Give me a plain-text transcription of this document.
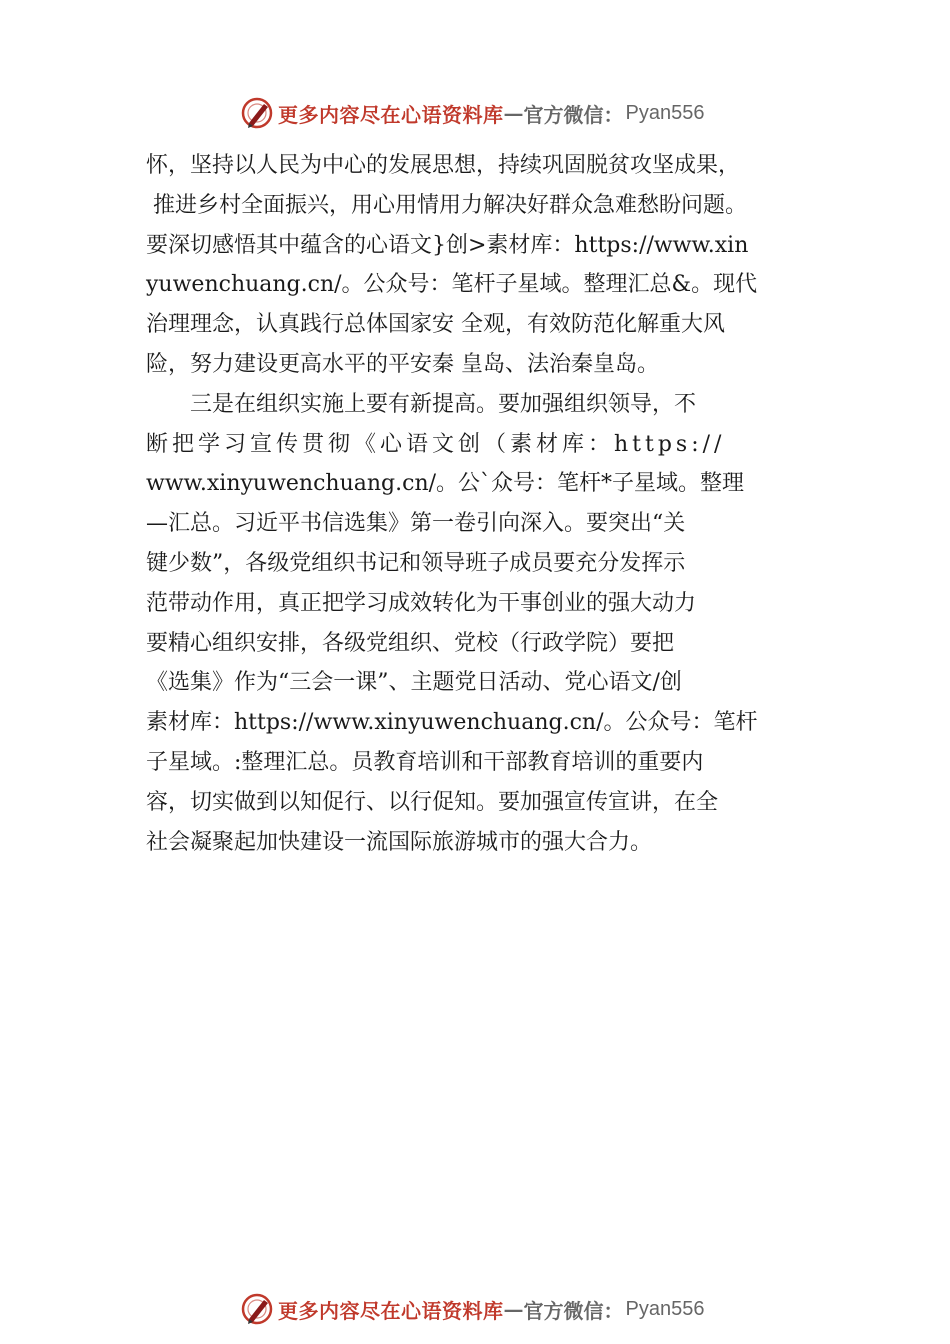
更多内容尽在心语资料库 — 官方微信： Pyan556
怀，坚持以人民为中心的发展思想，持续巩固脱贫攻坚成果，
推进乡村全面振兴，用心用情用力解决好群众急难愁盼问题。
要深切感悟其中蕴含的心语文}创>素材库：https://www.xin
yuwenchuang.cn/。公众号：笔杆子星域。整理汇总&。现代
治理理念，认真践行总体国家安 全观，有效防范化解重大风
险，努力建设更高水平的平安秦 皇岛、法治秦皇岛。
　　三是在组织实施上要有新提高。要加强组织领导，不
断把学习宣传贯彻《心语文创（素材库：https://
www.xinyuwenchuang.cn/。公`众号：笔杆*子星域。整理
—汇总。习近平书信选集》第一卷引向深入。要突出“关
键少数”，各级党组织书记和领导班子成员要充分发挥示
范带动作用，真正把学习成效转化为干事创业的强大动力
要精心组织安排，各级党组织、党校（行政学院）要把
《选集》作为“三会一课”、主题党日活动、党心语文/创
素材库：https://www.xinyuwenchuang.cn/。公众号：笔杆
子星域。:整理汇总。员教育培训和干部教育培训的重要内
容，切实做到以知促行、以行促知。要加强宣传宣讲，在全
社会凝聚起加快建设一流国际旅游城市的强大合力。
更多内容尽在心语资料库 — 官方微信： Pyan556
